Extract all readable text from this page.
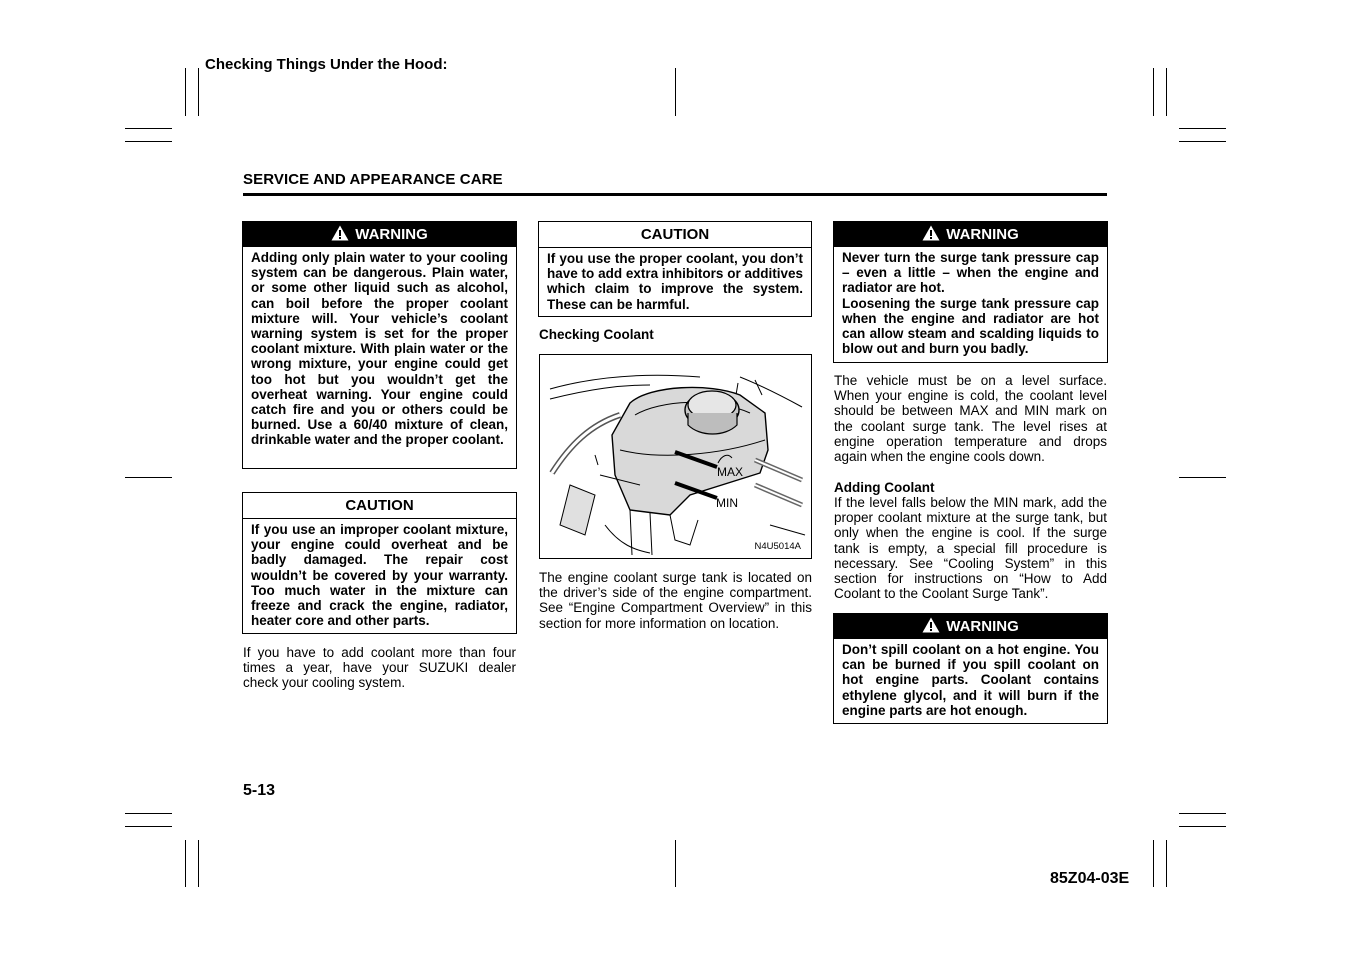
Checking Things Under the Hood:
SERVICE AND APPEARANCE CARE
WARNING
Adding only plain water to your cooling system can be dangerous. Plain water, or some other liquid such as alcohol, can boil before the proper coolant mixture will. Your vehicle’s coolant warning system is set for the proper coolant mixture. With plain water or the wrong mixture, your engine could get too hot but you wouldn’t get the overheat warning. Your engine could catch fire and you or others could be burned. Use a 60/40 mixture of clean, drinkable water and the proper coolant.
CAUTION
If you use an improper coolant mixture, your engine could overheat and be badly damaged. The repair cost wouldn’t be covered by your warranty. Too much water in the mixture can freeze and crack the engine, radiator, heater core and other parts.
If you have to add coolant more than four times a year, have your SUZUKI dealer check your cooling system.
CAUTION
If you use the proper coolant, you don’t have to add extra inhibitors or additives which claim to improve the system. These can be harmful.
Checking Coolant
MAX
MIN
N4U5014A
The engine coolant surge tank is located on the driver’s side of the engine compartment. See “Engine Compartment Overview” in this section for more information on location.
WARNING
Never turn the surge tank pressure cap – even a little – when the engine and radiator are hot.
Loosening the surge tank pressure cap when the engine and radiator are hot can allow steam and scalding liquids to blow out and burn you badly.
The vehicle must be on a level surface. When your engine is cold, the coolant level should be between MAX and MIN mark on the coolant surge tank. The level rises at engine operation temperature and drops again when the engine cools down.
Adding Coolant
If the level falls below the MIN mark, add the proper coolant mixture at the surge tank, but only when the engine is cool. If the surge tank is empty, a special fill procedure is necessary. See “Cooling System” in this section for instructions on “How to Add Coolant to the Coolant Surge Tank”.
WARNING
Don’t spill coolant on a hot engine. You can be burned if you spill coolant on hot engine parts. Coolant contains ethylene glycol, and it will burn if the engine parts are hot enough.
5-13
85Z04-03E
